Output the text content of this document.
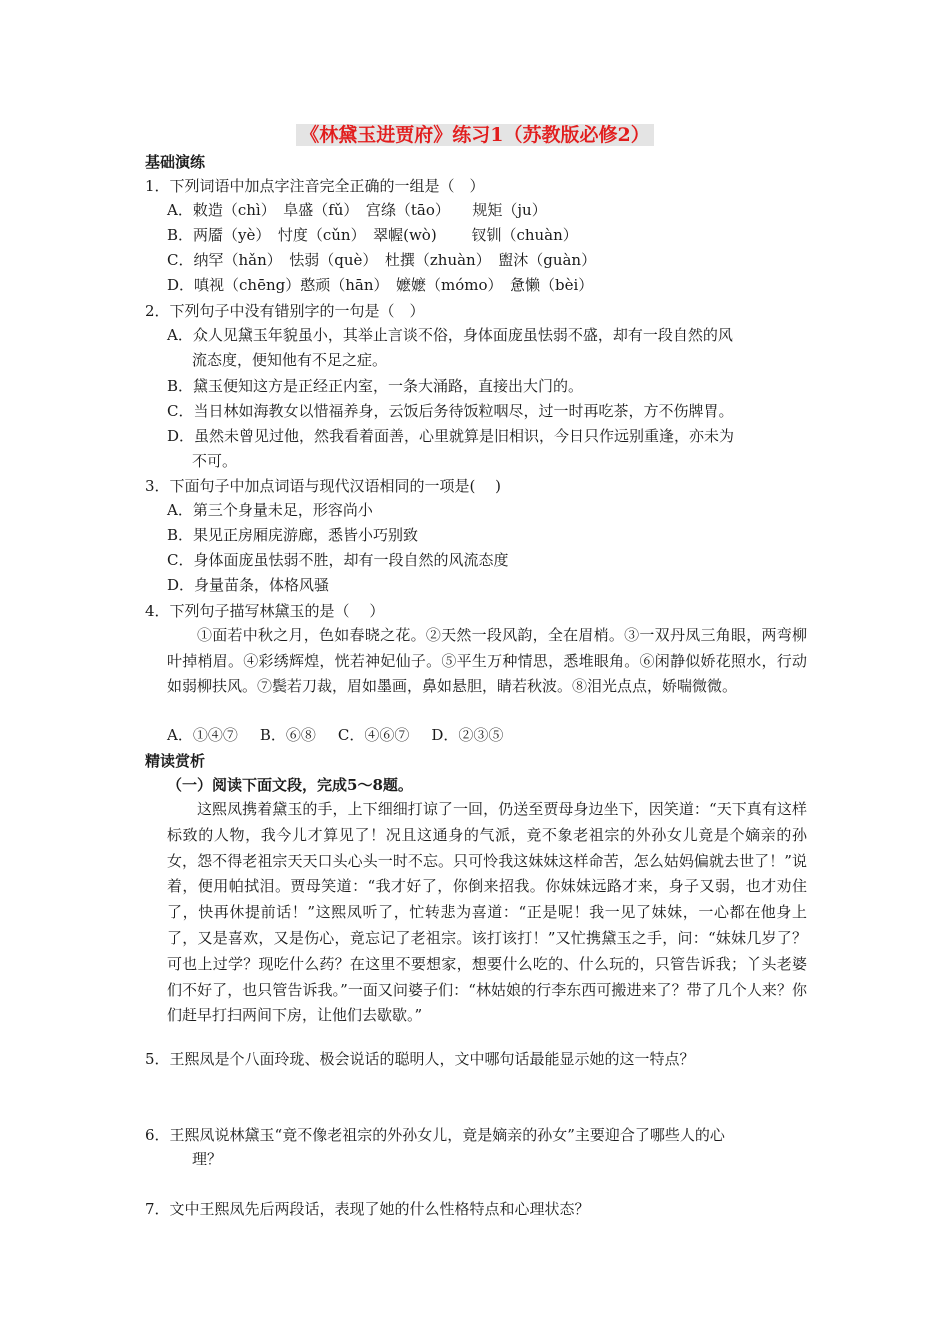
《林黛玉进贾府》练习1（苏教版必修2）
基础演练
1．下列词语中加点字注音完全正确的一组是（　）
A．敕造（chì）　阜盛（fǔ）　宫绦（tāo）　　规矩（ju）
B．两靥（yè）　忖度（cǔn）　翠幄(wò)　　 钗钏（chuàn）
C．纳罕（hǎn）　怯弱（què）　杜撰（zhuàn）　盥沐（guàn）
D．嗔视（chēng）憨顽（hān）　嬷嬷（mómo）　惫懒（bèi）
2．下列句子中没有错别字的一句是（　）
A．众人见黛玉年貌虽小，其举止言谈不俗，身体面庞虽怯弱不盛，却有一段自然的风
流态度，便知他有不足之症。
B．黛玉便知这方是正经正内室，一条大涌路，直接出大门的。
C．当日林如海教女以惜福养身，云饭后务待饭粒咽尽，过一时再吃茶，方不伤牌胃。
D．虽然未曾见过他，然我看着面善，心里就算是旧相识，今日只作远别重逢，亦未为
不可。
3．下面句子中加点词语与现代汉语相同的一项是(　 )
A．第三个身量未足，形容尚小
B．果见正房厢庑游廊，悉皆小巧别致
C．身体面庞虽怯弱不胜，却有一段自然的风流态度
D．身量苗条，体格风骚
4．下列句子描写林黛玉的是（　 ）
①面若中秋之月，色如春晓之花。②天然一段风韵，全在眉梢。③一双丹凤三角眼，两弯柳叶掉梢眉。④彩绣辉煌，恍若神妃仙子。⑤平生万种情思，悉堆眼角。⑥闲静似娇花照水，行动如弱柳扶风。⑦鬓若刀裁，眉如墨画，鼻如悬胆，睛若秋波。⑧泪光点点，娇喘微微。
A．①④⑦ B．⑥⑧ C．④⑥⑦ D．②③⑤
精读赏析
（一）阅读下面文段，完成5～8题。
这熙凤携着黛玉的手，上下细细打谅了一回，仍送至贾母身边坐下，因笑道：“天下真有这样标致的人物，我今儿才算见了！况且这通身的气派，竟不象老祖宗的外孙女儿竟是个嫡亲的孙女，怨不得老祖宗天天口头心头一时不忘。只可怜我这妹妹这样命苦，怎么姑妈偏就去世了！”说着，便用帕拭泪。贾母笑道：“我才好了，你倒来招我。你妹妹远路才来，身子又弱，也才劝住了，快再休提前话！”这熙凤听了，忙转悲为喜道：“正是呢！我一见了妹妹，一心都在他身上了，又是喜欢，又是伤心，竟忘记了老祖宗。该打该打！”又忙携黛玉之手，问：“妹妹几岁了？可也上过学？现吃什么药？在这里不要想家，想要什么吃的、什么玩的，只管告诉我；丫头老婆们不好了，也只管告诉我。”一面又问婆子们：“林姑娘的行李东西可搬进来了？带了几个人来？你们赶早打扫两间下房，让他们去歇歇。”
5．王熙凤是个八面玲珑、极会说话的聪明人，文中哪句话最能显示她的这一特点？
6．王熙凤说林黛玉“竟不像老祖宗的外孙女儿，竟是嫡亲的孙女”主要迎合了哪些人的心
理？
7．文中王熙凤先后两段话，表现了她的什么性格特点和心理状态？
